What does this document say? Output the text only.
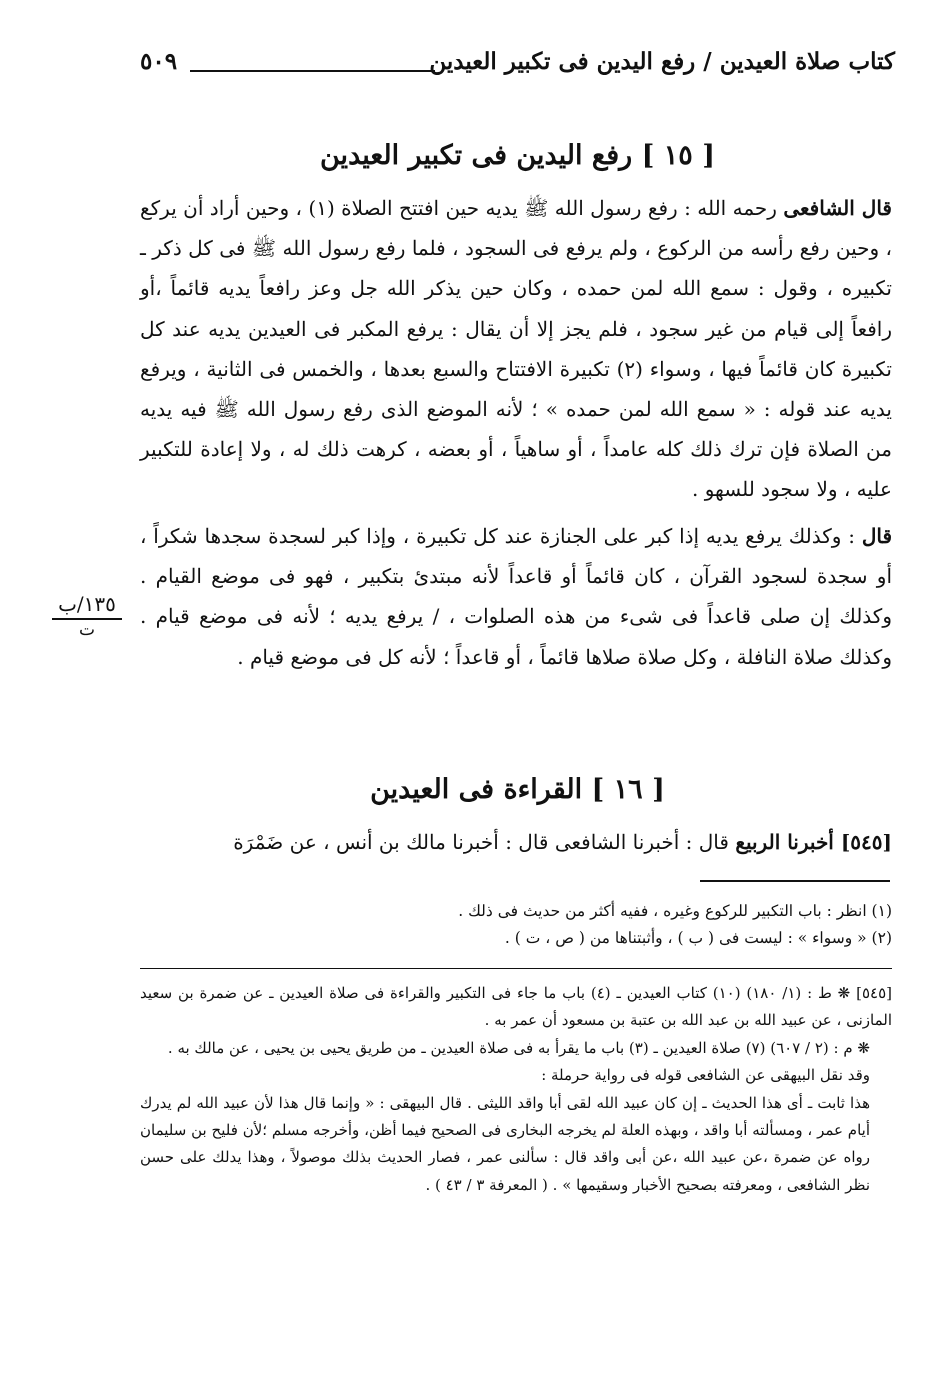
كتاب صلاة العيدين / رفع اليدين فى تكبير العيدين
٥٠٩
[ ١٥ ] رفع اليدين فى تكبير العيدين
قال الشافعى رحمه الله : رفع رسول الله ﷺ يديه حين افتتح الصلاة (١) ، وحين أراد أن يركع ، وحين رفع رأسه من الركوع ، ولم يرفع فى السجود ، فلما رفع رسول الله ﷺ فى كل ذكر ـ تكبيره ، وقول : سمع الله لمن حمده ، وكان حين يذكر الله جل وعز رافعاً يديه قائماً ،أو رافعاً إلى قيام من غير سجود ، فلم يجز إلا أن يقال : يرفع المكبر فى العيدين يديه عند كل تكبيرة كان قائماً فيها ، وسواء (٢) تكبيرة الافتتاح والسبع بعدها ، والخمس فى الثانية ، ويرفع يديه عند قوله : « سمع الله لمن حمده » ؛ لأنه الموضع الذى رفع رسول الله ﷺ فيه يديه من الصلاة فإن ترك ذلك كله عامداً ، أو ساهياً ، أو بعضه ، كرهت ذلك له ، ولا إعادة للتكبير عليه ، ولا سجود للسهو .
قال : وكذلك يرفع يديه إذا كبر على الجنازة عند كل تكبيرة ، وإذا كبر لسجدة سجدها شكراً ، أو سجدة لسجود القرآن ، كان قائماً أو قاعداً لأنه مبتدئ بتكبير ، فهو فى موضع القيام . وكذلك إن صلى قاعداً فى شىء من هذه الصلوات ، / يرفع يديه ؛ لأنه فى موضع قيام . وكذلك صلاة النافلة ، وكل صلاة صلاها قائماً ، أو قاعداً ؛ لأنه كل فى موضع قيام .
١٣٥/ب
ت
[ ١٦ ] القراءة فى العيدين
[٥٤٥] أخبرنا الربيع قال : أخبرنا الشافعى قال : أخبرنا مالك بن أنس ، عن ضَمْرَة
(١) انظر : باب التكبير للركوع وغيره ، ففيه أكثر من حديث فى ذلك .
(٢) « وسواء » : ليست فى ( ب ) ، وأثبتناها من ( ص ، ت ) .

[٥٤٥] ❋ ط : (١/ ١٨٠) (١٠) كتاب العيدين ـ (٤) باب ما جاء فى التكبير والقراءة فى صلاة العيدين ـ عن ضمرة بن سعيد المازنى ، عن عبيد الله بن عبد الله بن عتبة بن مسعود أن عمر به .

❋ م : (٢ / ٦٠٧) (٧) صلاة العيدين ـ (٣) باب ما يقرأ به فى صلاة العيدين ـ من طريق يحيى بن يحيى ، عن مالك به .

وقد نقل البيهقى عن الشافعى قوله فى رواية حرملة :

هذا ثابت ـ أى هذا الحديث ـ إن كان عبيد الله لقى أبا واقد الليثى . قال البيهقى : « وإنما قال هذا لأن عبيد الله لم يدرك أيام عمر ، ومسألته أبا واقد ، وبهذه العلة لم يخرجه البخارى فى الصحيح فيما أظن، وأخرجه مسلم ؛لأن فليح بن سليمان رواه عن ضمرة ،عن عبيد الله ،عن أبى واقد قال : سألنى عمر ، فصار الحديث بذلك موصولاً ، وهذا يدلك على حسن نظر الشافعى ، ومعرفته بصحيح الأخبار وسقيمها » . ( المعرفة ٣ / ٤٣ ) .
